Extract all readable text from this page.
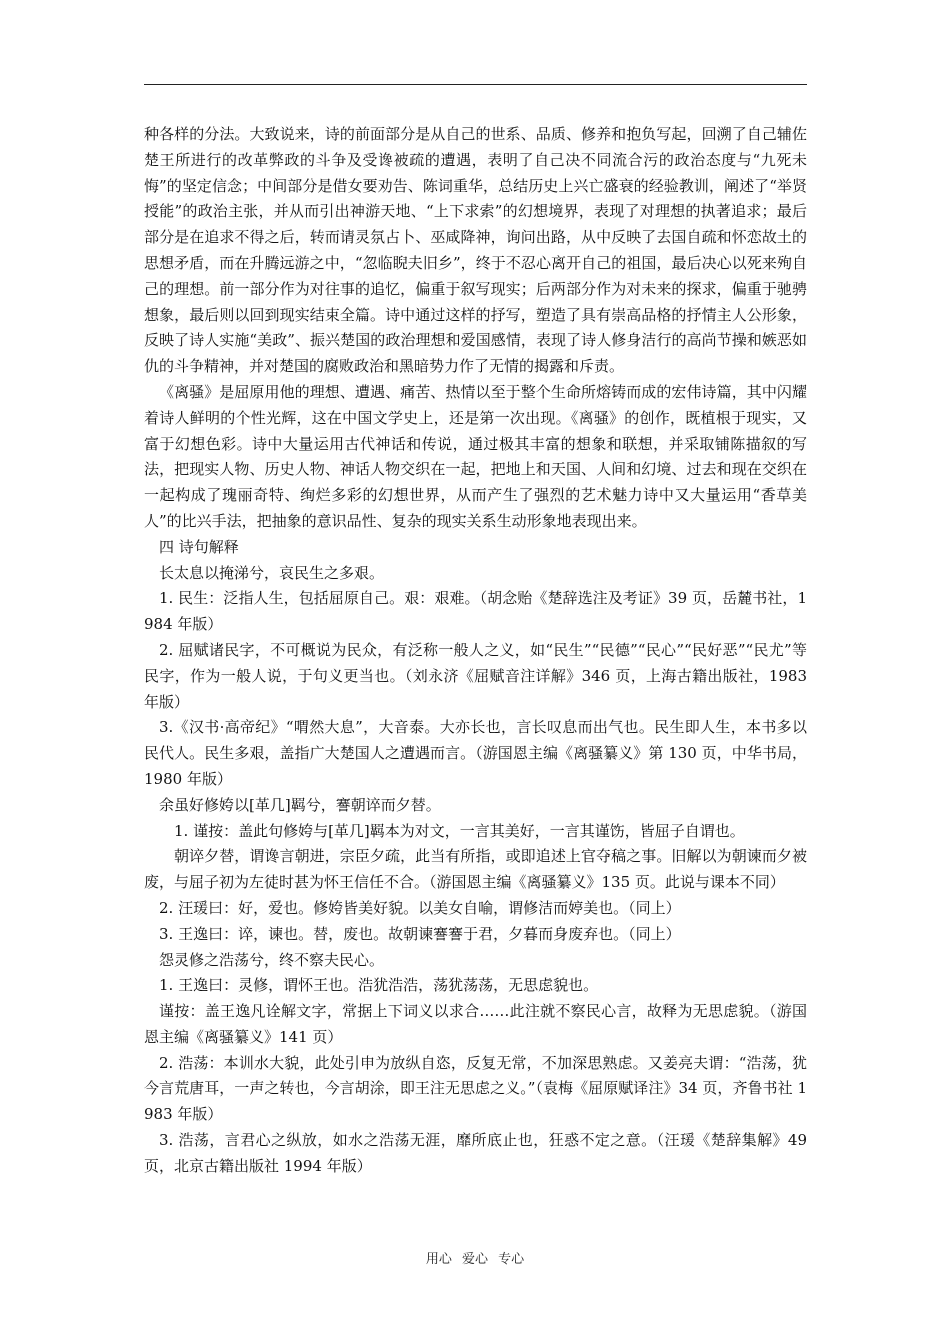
种各样的分法。大致说来，诗的前面部分是从自己的世系、品质、修养和抱负写起，回溯了自己辅佐楚王所进行的改革弊政的斗争及受谗被疏的遭遇，表明了自己决不同流合污的政治态度与“九死未悔”的坚定信念；中间部分是借女要劝告、陈词重华，总结历史上兴亡盛衰的经验教训，阐述了“举贤授能”的政治主张，并从而引出神游天地、“上下求索”的幻想境界，表现了对理想的执著追求；最后部分是在追求不得之后，转而请灵氛占卜、巫咸降神，询问出路，从中反映了去国自疏和怀恋故土的思想矛盾，而在升腾远游之中，“忽临睨夫旧乡”，终于不忍心离开自己的祖国，最后决心以死来殉自己的理想。前一部分作为对往事的追忆，偏重于叙写现实；后两部分作为对未来的探求，偏重于驰骋想象，最后则以回到现实结束全篇。诗中通过这样的抒写，塑造了具有崇高品格的抒情主人公形象，反映了诗人实施“美政”、振兴楚国的政治理想和爱国感情，表现了诗人修身洁行的高尚节操和嫉恶如仇的斗争精神，并对楚国的腐败政治和黑暗势力作了无情的揭露和斥责。

《离骚》是屈原用他的理想、遭遇、痛苦、热情以至于整个生命所熔铸而成的宏伟诗篇，其中闪耀着诗人鲜明的个性光辉，这在中国文学史上，还是第一次出现。《离骚》的创作，既植根于现实，又富于幻想色彩。诗中大量运用古代神话和传说，通过极其丰富的想象和联想，并采取铺陈描叙的写法，把现实人物、历史人物、神话人物交织在一起，把地上和天国、人间和幻境、过去和现在交织在一起构成了瑰丽奇特、绚烂多彩的幻想世界，从而产生了强烈的艺术魅力诗中又大量运用“香草美人”的比兴手法，把抽象的意识品性、复杂的现实关系生动形象地表现出来。

四 诗句解释

长太息以掩涕兮，哀民生之多艰。

1. 民生：泛指人生，包括屈原自己。艰：艰难。（胡念贻《楚辞选注及考证》39 页，岳麓书社，1984 年版）

2. 屈赋诸民字，不可概说为民众，有泛称一般人之义，如“民生”“民德”“民心”“民好恶”“民尤”等民字，作为一般人说，于句义更当也。（刘永济《屈赋音注详解》346 页，上海古籍出版社，1983 年版）

3.《汉书·高帝纪》“喟然大息”，大音泰。大亦长也，言长叹息而出气也。民生即人生，本书多以民代人。民生多艰，盖指广大楚国人之遭遇而言。（游国恩主编《离骚纂义》第 130 页，中华书局，1980 年版）

余虽好修姱以[革几]羁兮，謇朝谇而夕替。

1. 谨按：盖此句修姱与[革几]羁本为对文，一言其美好，一言其谨饬，皆屈子自谓也。

朝谇夕替，谓谗言朝进，宗臣夕疏，此当有所指，或即追述上官夺稿之事。旧解以为朝谏而夕被废，与屈子初为左徒时甚为怀王信任不合。（游国恩主编《离骚纂义》135 页。此说与课本不同）

2. 汪瑗曰：好，爱也。修姱皆美好貌。以美女自喻，谓修洁而婷美也。（同上）

3. 王逸曰：谇，谏也。替，废也。故朝谏謇謇于君，夕暮而身废弃也。（同上）

怨灵修之浩荡兮，终不察夫民心。

1. 王逸曰：灵修，谓怀王也。浩犹浩浩，荡犹荡荡，无思虑貌也。

谨按：盖王逸凡诠解文字，常据上下词义以求合……此注就不察民心言，故释为无思虑貌。（游国恩主编《离骚纂义》141 页）

2. 浩荡：本训水大貌，此处引申为放纵自恣，反复无常，不加深思熟虑。又姜亮夫谓：“浩荡，犹今言荒唐耳，一声之转也，今言胡涂，即王注无思虑之义。”（袁梅《屈原赋译注》34 页，齐鲁书社 1983 年版）

3. 浩荡，言君心之纵放，如水之浩荡无涯，靡所底止也，狂惑不定之意。（汪瑗《楚辞集解》49 页，北京古籍出版社 1994 年版）

用心 爱心 专心
